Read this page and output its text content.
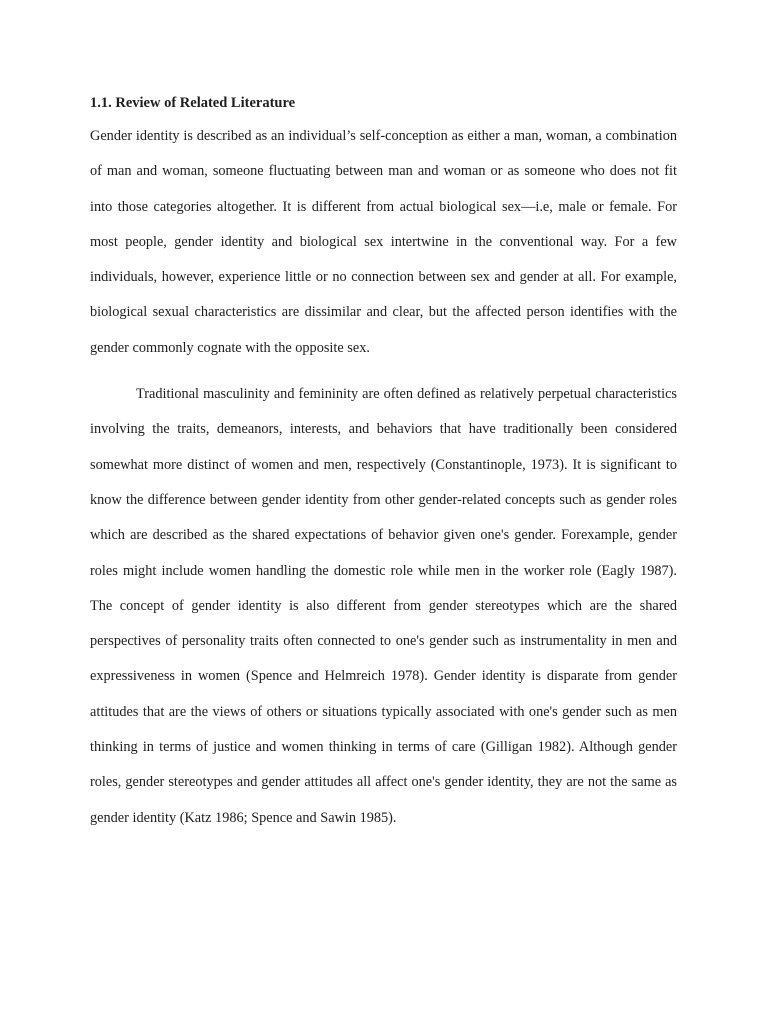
1.1. Review of Related Literature

Gender identity is described as an individual’s self-conception as either a man, woman, a combination of man and woman, someone fluctuating between man and woman or as someone who does not fit into those categories altogether. It is different from actual biological sex—i.e, male or female. For most people, gender identity and biological sex intertwine in the conventional way. For a few individuals, however, experience little or no connection between sex and gender at all. For example, biological sexual characteristics are dissimilar and clear, but the affected person identifies with the gender commonly cognate with the opposite sex.

Traditional masculinity and femininity are often defined as relatively perpetual characteristics involving the traits, demeanors, interests, and behaviors that have traditionally been considered somewhat more distinct of women and men, respectively (Constantinople, 1973). It is significant to know the difference between gender identity from other gender-related concepts such as gender roles which are described as the shared expectations of behavior given one's gender. Forexample, gender roles might include women handling the domestic role while men in the worker role (Eagly 1987). The concept of gender identity is also different from gender stereotypes which are the shared perspectives of personality traits often connected to one's gender such as instrumentality in men and expressiveness in women (Spence and Helmreich 1978). Gender identity is disparate from gender attitudes that are the views of others or situations typically associated with one's gender such as men thinking in terms of justice and women thinking in terms of care (Gilligan 1982). Although gender roles, gender stereotypes and gender attitudes all affect one's gender identity, they are not the same as gender identity (Katz 1986; Spence and Sawin 1985).
